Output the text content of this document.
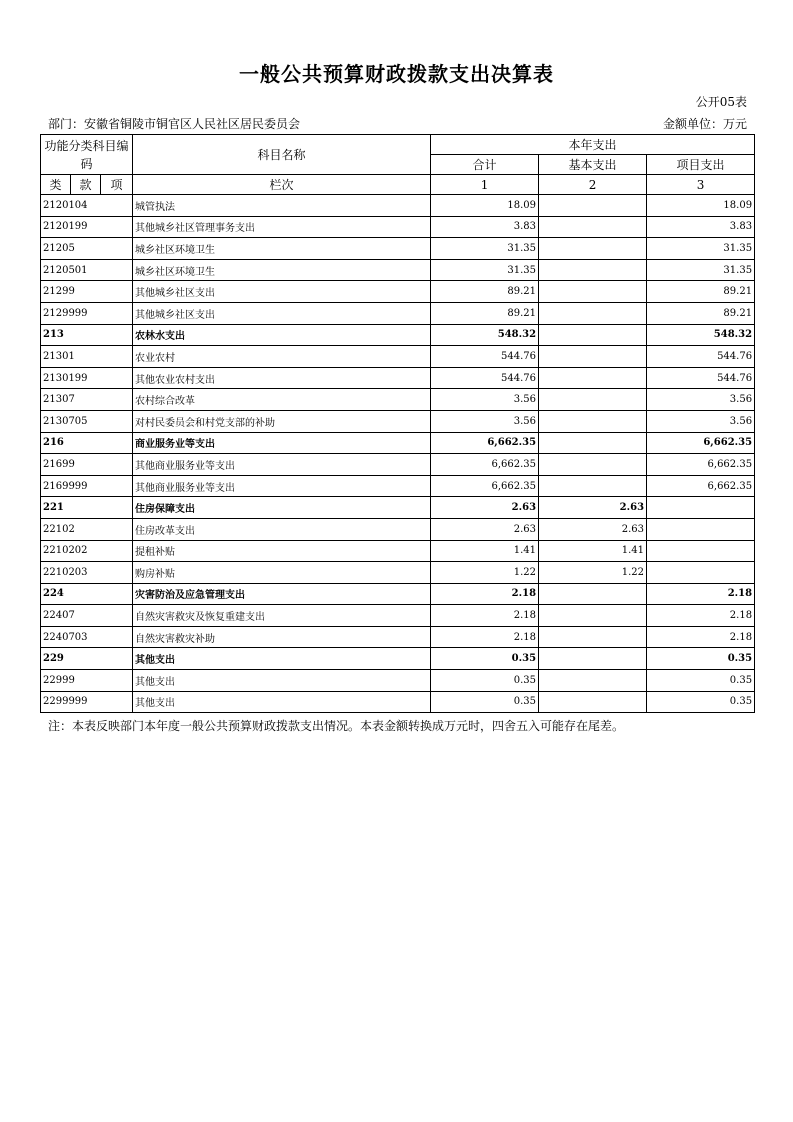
一般公共预算财政拨款支出决算表
公开05表
部门：安徽省铜陵市铜官区人民社区居民委员会	金额单位：万元
功能分类科目编码			科目名称	本年支出		
				合计	基本支出	项目支出
类	款	项	栏次	1	2	3
2120104			城管执法	18.09		18.09
2120199			其他城乡社区管理事务支出	3.83		3.83
21205			城乡社区环境卫生	31.35		31.35
2120501			城乡社区环境卫生	31.35		31.35
21299			其他城乡社区支出	89.21		89.21
2129999			其他城乡社区支出	89.21		89.21
213			农林水支出	548.32		548.32
21301			农业农村	544.76		544.76
2130199			其他农业农村支出	544.76		544.76
21307			农村综合改革	3.56		3.56
2130705			对村民委员会和村党支部的补助	3.56		3.56
216			商业服务业等支出	6,662.35		6,662.35
21699			其他商业服务业等支出	6,662.35		6,662.35
2169999			其他商业服务业等支出	6,662.35		6,662.35
221			住房保障支出	2.63	2.63	
22102			住房改革支出	2.63	2.63	
2210202			提租补贴	1.41	1.41	
2210203			购房补贴	1.22	1.22	
224			灾害防治及应急管理支出	2.18		2.18
22407			自然灾害救灾及恢复重建支出	2.18		2.18
2240703			自然灾害救灾补助	2.18		2.18
229			其他支出	0.35		0.35
22999			其他支出	0.35		0.35
2299999			其他支出	0.35		0.35
注：本表反映部门本年度一般公共预算财政拨款支出情况。本表金额转换成万元时，四舍五入可能存在尾差。
